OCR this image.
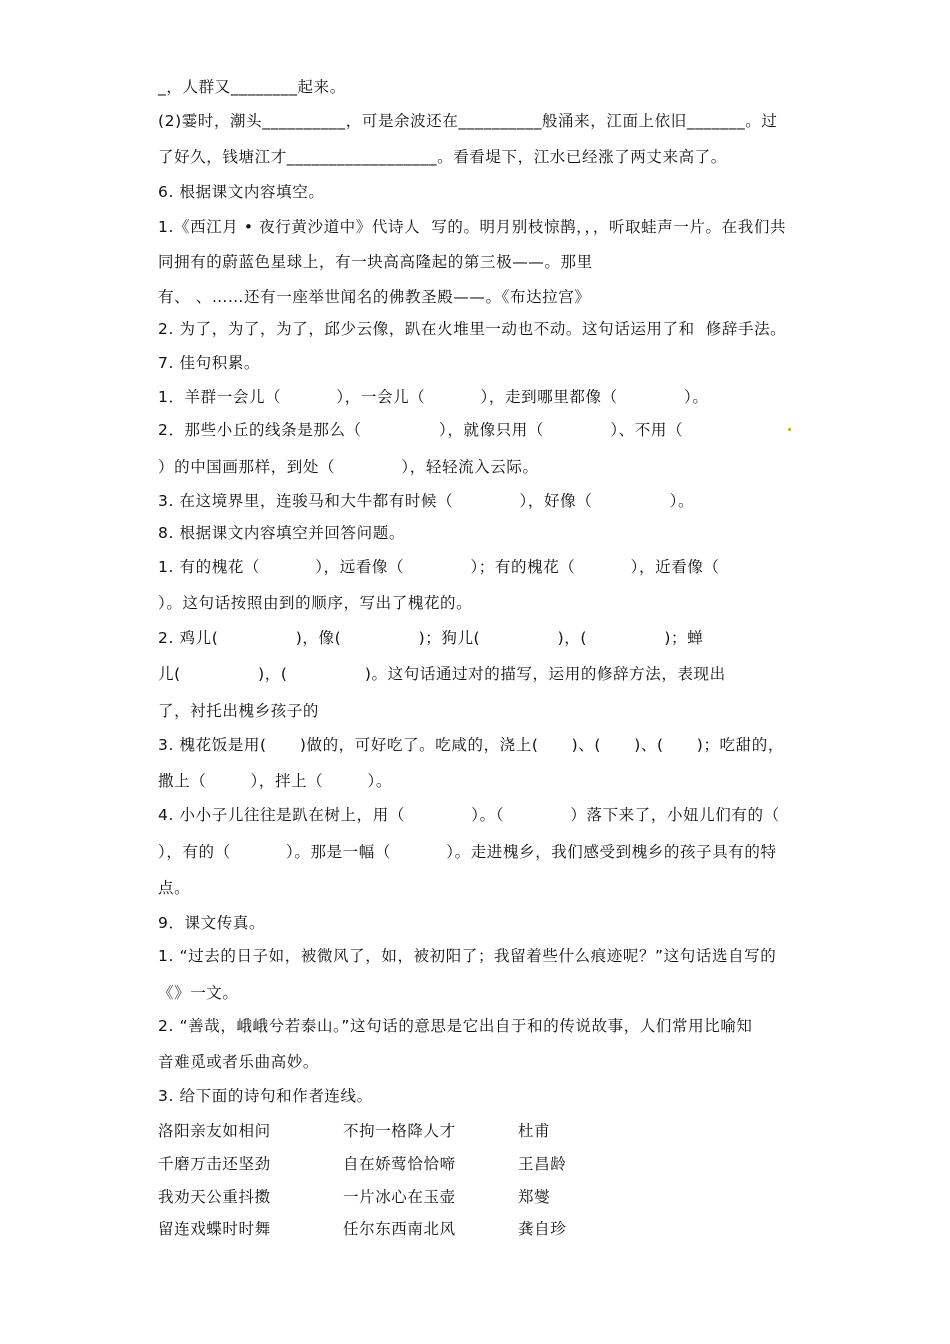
_，人群又________起来。
(2)霎时，潮头__________，可是余波还在__________般涌来，江面上依旧_______。过
了好久，钱塘江才__________________。看看堤下，江水已经涨了两丈来高了。
6. 根据课文内容填空。
1.《西江月 • 夜行黄沙道中》代诗人  写的。明月别枝惊鹊，，，听取蛙声一片。在我们共
同拥有的蔚蓝色星球上，有一块高高隆起的第三极——。那里
有、 、……还有一座举世闻名的佛教圣殿——。《布达拉宫》
2. 为了，为了，为了，邱少云像，趴在火堆里一动也不动。这句话运用了和  修辞手法。
7. 佳句积累。
1．羊群一会儿（          ），一会儿（          ），走到哪里都像（            ）。
2．那些小丘的线条是那么（              ），就像只用（            ）、不用（
）的中国画那样，到处（            ），轻轻流入云际。
3. 在这境界里，连骏马和大牛都有时候（            ），好像（              ）。
8. 根据课文内容填空并回答问题。
1. 有的槐花（          ），远看像（            ）；有的槐花（          ），近看像（
）。这句话按照由到的顺序，写出了槐花的。
2. 鸡儿(              )，像(              )；狗儿(              )，(              )；蝉
儿(              )，(              )。这句话通过对的描写，运用的修辞方法，表现出
了，衬托出槐乡孩子的
3. 槐花饭是用(      )做的，可好吃了。吃咸的，浇上(      )、(      )、(      )；吃甜的，
撒上（        ），拌上（        ）。
4. 小小子儿往往是趴在树上，用（            ）。（            ）落下来了，小妞儿们有的（
），有的（          ）。那是一幅（          ）。走进槐乡，我们感受到槐乡的孩子具有的特
点。
9．课文传真。
1. “过去的日子如，被微风了，如，被初阳了；我留着些什么痕迹呢？”这句话选自写的
《》一文。
2. “善哉，峨峨兮若泰山。”这句话的意思是它出自于和的传说故事，人们常用比喻知
音难觅或者乐曲高妙。
3. 给下面的诗句和作者连线。
洛阳亲友如相问	不拘一格降人才	杜甫
千磨万击还坚劲	自在娇莺恰恰啼	王昌龄
我劝天公重抖擞	一片冰心在玉壶	郑燮
留连戏蝶时时舞	任尔东西南北风	龚自珍
